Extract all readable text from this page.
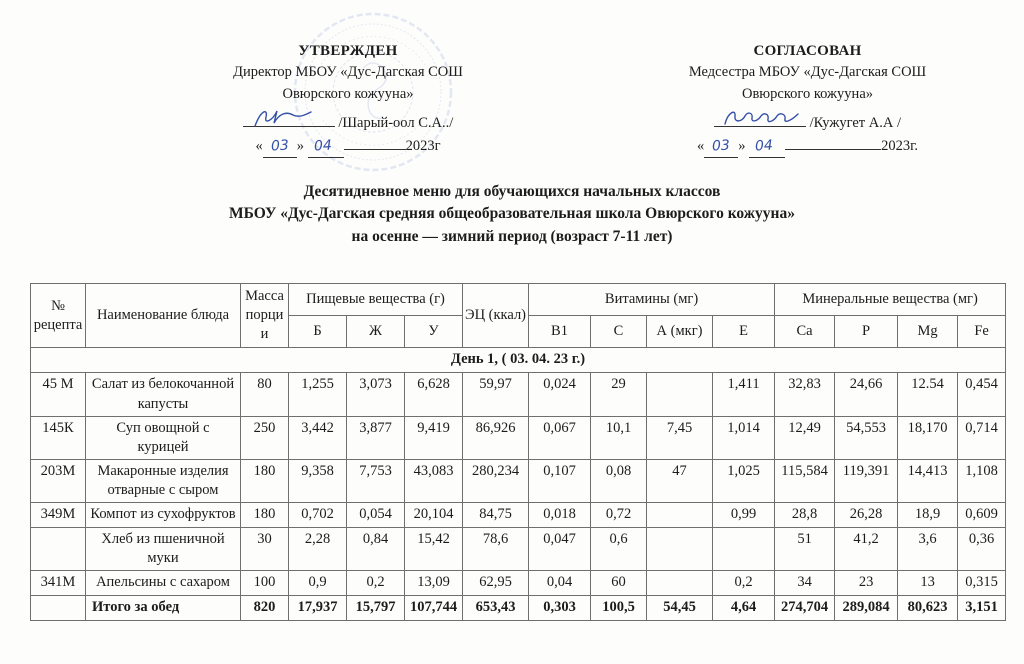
УТВЕРЖДЕН
Директор МБОУ «Дус-Дагская СОШ
Овюрского кожууна»
/Шарый-оол С.А../
« 03 » 04	2023г
СОГЛАСОВАН
Медсестра МБОУ «Дус-Дагская СОШ
Овюрского кожууна»
/Кужугет А.А /
« 03 » 04	2023г.
Десятидневное меню для обучающихся начальных классов
МБОУ «Дус-Дагская средняя общеобразовательная школа Овюрского кожууна»
на осенне — зимний период (возраст 7-11 лет)
№ рецепта	Наименование блюда	Масса порции	Пищевые вещества (г)			ЭЦ (ккал)	Витамины (мг)				Минеральные вещества (мг)			
			Б	Ж	У		B1	C	А (мкг)	Е	Са	Р	Mg	Fe
День 1, ( 03. 04. 23 г.)														
45 М	Салат из белокочанной капусты	80	1,255	3,073	6,628	59,97	0,024	29		1,411	32,83	24,66	12.54	0,454
145К	Суп овощной с курицей	250	3,442	3,877	9,419	86,926	0,067	10,1	7,45	1,014	12,49	54,553	18,170	0,714
203М	Макаронные изделия отварные с сыром	180	9,358	7,753	43,083	280,234	0,107	0,08	47	1,025	115,584	119,391	14,413	1,108
349М	Компот из сухофруктов	180	0,702	0,054	20,104	84,75	0,018	0,72		0,99	28,8	26,28	18,9	0,609
	Хлеб из пшеничной муки	30	2,28	0,84	15,42	78,6	0,047	0,6			51	41,2	3,6	0,36
341М	Апельсины с сахаром	100	0,9	0,2	13,09	62,95	0,04	60		0,2	34	23	13	0,315
	Итого за обед	820	17,937	15,797	107,744	653,43	0,303	100,5	54,45	4,64	274,704	289,084	80,623	3,151
